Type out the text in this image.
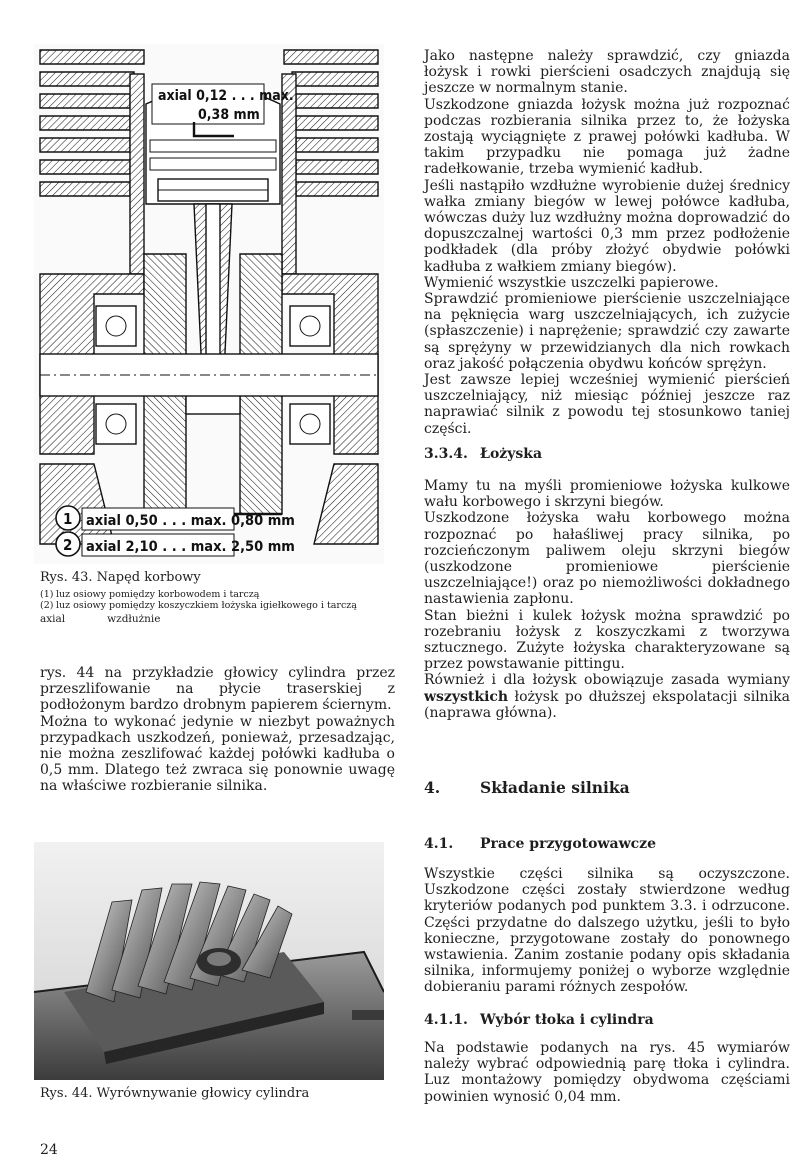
axial 0,12 . . . max.
0,38 mm
1 axial 0,50 . . . max. 0,80 mm
2 axial 2,10 . . . max. 2,50 mm
Rys. 43. Napęd korbowy
(1) luz osiowy pomiędzy korbowodem i tarczą
(2) luz osiowy pomiędzy koszyczkiem łożyska igiełkowego i tarczą
axial	wzdłużnie

rys. 44 na przykładzie głowicy cylindra przez przeszlifowanie na płycie traserskiej z podłożonym bardzo drobnym papierem ściernym.

Można to wykonać jedynie w niezbyt poważnych przypadkach uszkodzeń, ponieważ, przesadzając, nie można zeszlifować każdej połówki kadłuba o 0,5 mm. Dlatego też zwraca się ponownie uwagę na właściwe rozbieranie silnika.

Rys. 44. Wyrównywanie głowicy cylindra
24

Jako następne należy sprawdzić, czy gniazda łożysk i rowki pierścieni osadczych znajdują się jeszcze w normalnym stanie.

Uszkodzone gniazda łożysk można już rozpoznać podczas rozbierania silnika przez to, że łożyska zostają wyciągnięte z prawej połówki kadłuba. W takim przypadku nie pomaga już żadne radełkowanie, trzeba wymienić kadłub.

Jeśli nastąpiło wzdłużne wyrobienie dużej średnicy wałka zmiany biegów w lewej połówce kadłuba, wówczas duży luz wzdłużny można doprowadzić do dopuszczalnej wartości 0,3 mm przez podłożenie podkładek (dla próby złożyć obydwie połówki kadłuba z wałkiem zmiany biegów).

Wymienić wszystkie uszczelki papierowe.

Sprawdzić promieniowe pierścienie uszczelniające na pęknięcia warg uszczelniających, ich zużycie (spłaszczenie) i naprężenie; sprawdzić czy zawarte są sprężyny w przewidzianych dla nich rowkach oraz jakość połączenia obydwu końców sprężyn.

Jest zawsze lepiej wcześniej wymienić pierścień uszczelniający, niż miesiąc później jeszcze raz naprawiać silnik z powodu tej stosunkowo taniej części.

3.3.4. Łożyska

Mamy tu na myśli promieniowe łożyska kulkowe wału korbowego i skrzyni biegów.

Uszkodzone łożyska wału korbowego można rozpoznać po hałaśliwej pracy silnika, po rozcieńczonym paliwem oleju skrzyni biegów (uszkodzone promieniowe pierścienie uszczelniające!) oraz po niemożliwości dokładnego nastawienia zapłonu.

Stan bieżni i kulek łożysk można sprawdzić po rozebraniu łożysk z koszyczkami z tworzywa sztucznego. Zużyte łożyska charakteryzowane są przez powstawanie pittingu.

Również i dla łożysk obowiązuje zasada wymiany wszystkich łożysk po dłuższej ekspolatacji silnika (naprawa główna).

4.	Składanie silnika
4.1.	Prace przygotowawcze

Wszystkie części silnika są oczyszczone. Uszkodzone części zostały stwierdzone według kryteriów podanych pod punktem 3.3. i odrzucone. Części przydatne do dalszego użytku, jeśli to było konieczne, przygotowane zostały do ponownego wstawienia. Zanim zostanie podany opis składania silnika, informujemy poniżej o wyborze względnie dobieraniu parami różnych zespołów.

4.1.1. Wybór tłoka i cylindra

Na podstawie podanych na rys. 45 wymiarów należy wybrać odpowiednią parę tłoka i cylindra. Luz montażowy pomiędzy obydwoma częściami powinien wynosić 0,04 mm.
